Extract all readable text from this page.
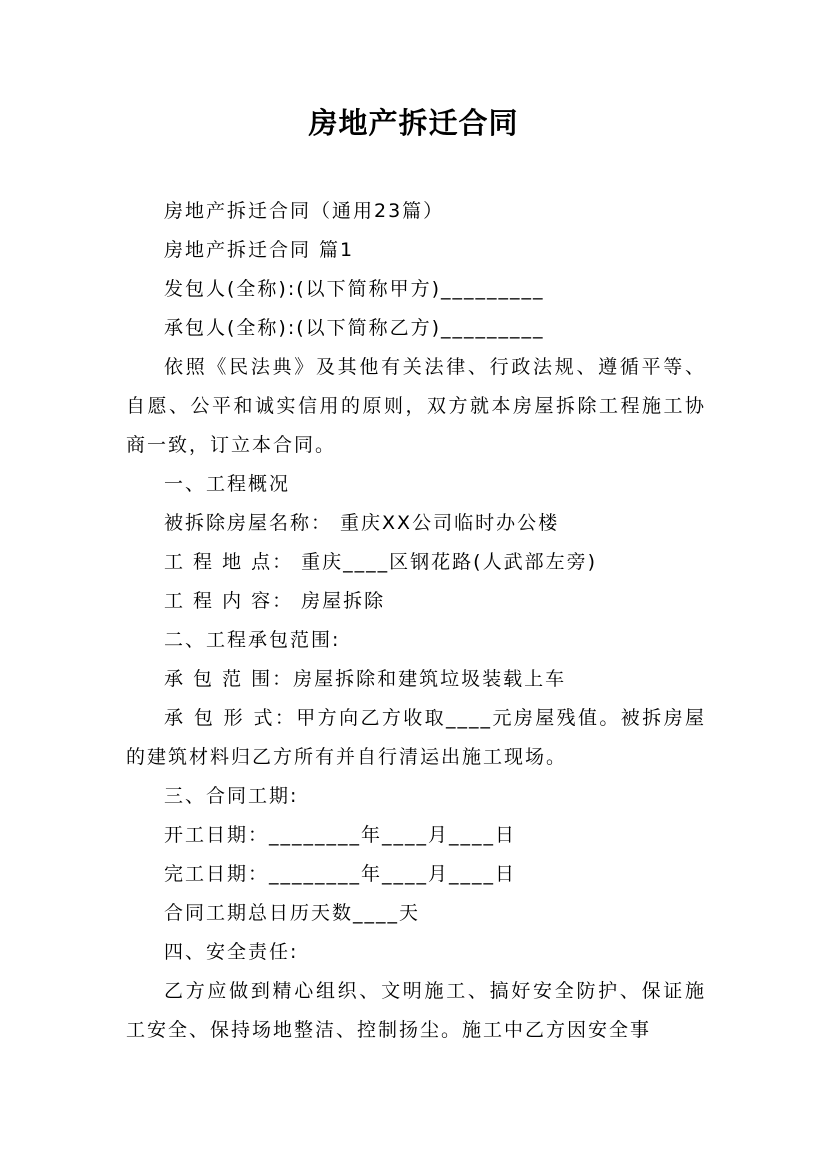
房地产拆迁合同

房地产拆迁合同（通用23篇）

房地产拆迁合同 篇1

发包人(全称):(以下简称甲方)_________

承包人(全称):(以下简称乙方)_________

依照《民法典》及其他有关法律、行政法规、遵循平等、自愿、公平和诚实信用的原则，双方就本房屋拆除工程施工协商一致，订立本合同。

一、工程概况

被拆除房屋名称： 重庆XX公司临时办公楼

工 程 地 点： 重庆____区钢花路(人武部左旁)

工 程 内 容： 房屋拆除

二、工程承包范围:

承 包 范 围：房屋拆除和建筑垃圾装载上车

承 包 形 式：甲方向乙方收取____元房屋残值。被拆房屋的建筑材料归乙方所有并自行清运出施工现场。

三、合同工期:

开工日期：________年____月____日

完工日期：________年____月____日

合同工期总日历天数____天

四、安全责任:

乙方应做到精心组织、文明施工、搞好安全防护、保证施工安全、保持场地整洁、控制扬尘。施工中乙方因安全事
